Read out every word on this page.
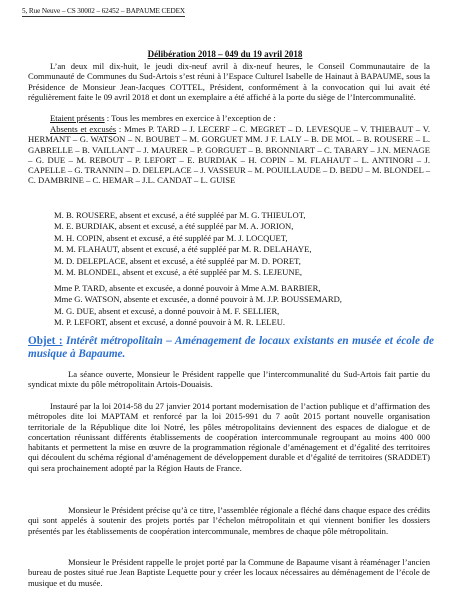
5, Rue Neuve – CS 30002 – 62452 – BAPAUME CEDEX
Délibération 2018 – 049 du 19 avril 2018
L’an deux mil dix-huit, le jeudi dix-neuf avril à dix-neuf heures, le Conseil Communautaire de la Communauté de Communes du Sud-Artois s’est réuni à l’Espace Culturel Isabelle de Hainaut à BAPAUME, sous la Présidence de Monsieur Jean-Jacques COTTEL, Président, conformément à la convocation qui lui avait été régulièrement faite le 09 avril 2018 et dont un exemplaire a été affiché à la porte du siège de l’Intercommunalité.
Etaient présents : Tous les membres en exercice à l’exception de :
Absents et excusés : Mmes P. TARD – J. LECERF – C. MEGRET – D. LEVESQUE – V. THIEBAUT – V. HERMANT – G. WATSON – N. BOUBET – M. GORGUET MM. J F. LALY – B. DE MOL – B. ROUSERE – L. GABRELLE – B. VAILLANT – J. MAURER – P. GORGUET – B. BRONNIART – C. TABARY – J.N. MENAGE – G. DUE – M. REBOUT – P. LEFORT – E. BURDIAK – H. COPIN – M. FLAHAUT – L. ANTINORI – J. CAPELLE – G. TRANNIN – D. DELEPLACE – J. VASSEUR – M. POUILLAUDE – D. BEDU – M. BLONDEL – C. DAMBRINE – C. HEMAR – J.L. CANDAT – L. GUISE
M. B. ROUSERE, absent et excusé, a été suppléé par M. G. THIEULOT,
M. E. BURDIAK, absent et excusé, a été suppléé par M. A. JORION,
M. H. COPIN, absent et excusé, a été suppléé par M. J. LOCQUET,
M. M. FLAHAUT, absent et excusé, a été suppléé par M. R. DELAHAYE,
M. D. DELEPLACE, absent et excusé, a été suppléé par M. D. PORET,
M. M. BLONDEL, absent et excusé, a été suppléé par M. S. LEJEUNE,
Mme P. TARD, absente et excusée, a donné pouvoir à Mme A.M. BARBIER,
Mme G. WATSON, absente et excusée, a donné pouvoir à M. J.P. BOUSSEMARD,
M. G. DUE, absent et excusé, a donné pouvoir à M. F. SELLIER,
M. P. LEFORT, absent et excusé, a donné pouvoir à M. R. LELEU.
Objet : Intérêt métropolitain – Aménagement de locaux existants en musée et école de musique à Bapaume.
La séance ouverte, Monsieur le Président rappelle que l’intercommunalité du Sud-Artois fait partie du syndicat mixte du pôle métropolitain Artois-Douaisis.
Instauré par la loi 2014-58 du 27 janvier 2014 portant modernisation de l’action publique et d’affirmation des métropoles dite loi MAPTAM et renforcé par la loi 2015-991 du 7 août 2015 portant nouvelle organisation territoriale de la République dite loi Notré, les pôles métropolitains deviennent des espaces de dialogue et de concertation réunissant différents établissements de coopération intercommunale regroupant au moins 400 000 habitants et permettent la mise en œuvre de la programmation régionale d’aménagement et d’égalité des territoires qui découlent du schéma régional d’aménagement de développement durable et d’égalité de territoires (SRADDET) qui sera prochainement adopté par la Région Hauts de France.
Monsieur le Président précise qu’à ce titre, l’assemblée régionale a fléché dans chaque espace des crédits qui sont appelés à soutenir des projets portés par l’échelon métropolitain et qui viennent bonifier les dossiers présentés par les établissements de coopération intercommunale, membres de chaque pôle métropolitain.
Monsieur le Président rappelle le projet porté par la Commune de Bapaume visant à réaménager l’ancien bureau de postes situé rue Jean Baptiste Lequette pour y créer les locaux nécessaires au déménagement de l’école de musique et du musée.
